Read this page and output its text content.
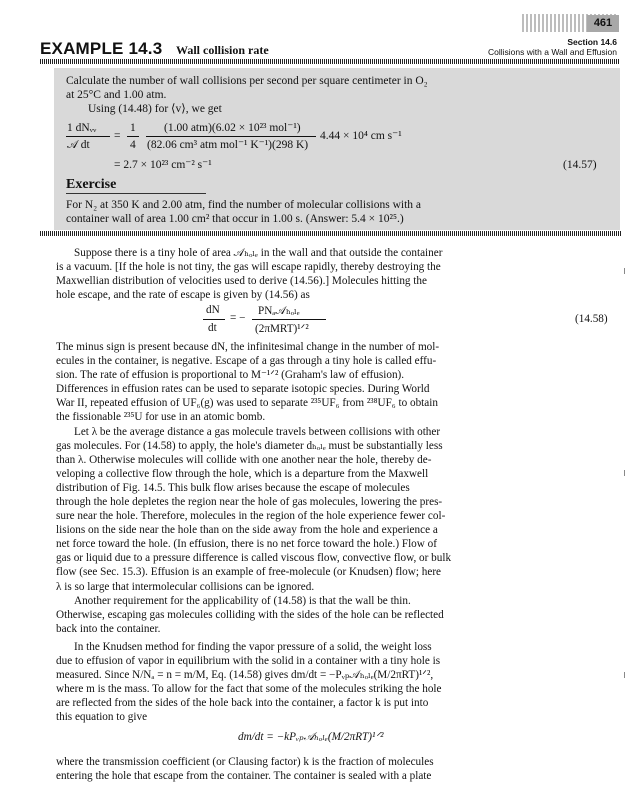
461
Section 14.6
Collisions with a Wall and Effusion
EXAMPLE 14.3 Wall collision rate
Calculate the number of wall collisions per second per square centimeter in O₂
at 25°C and 1.00 atm.
Using (14.48) for ⟨v⟩, we get
1 dNᵥᵥ
𝒜 dt
=
1
4
(1.00 atm)(6.02 × 10²³ mol⁻¹)
(82.06 cm³ atm mol⁻¹ K⁻¹)(298 K)
4.44 × 10⁴ cm s⁻¹
= 2.7 × 10²³ cm⁻² s⁻¹	(14.57)
Exercise
For N₂ at 350 K and 2.00 atm, find the number of molecular collisions with a
container wall of area 1.00 cm² that occur in 1.00 s. (Answer: 5.4 × 10²⁵.)
Suppose there is a tiny hole of area 𝒜ₕₒₗₑ in the wall and that outside the container
is a vacuum. [If the hole is not tiny, the gas will escape rapidly, thereby destroying the
Maxwellian distribution of velocities used to derive (14.56).] Molecules hitting the
hole escape, and the rate of escape is given by (14.56) as
dN
dt
= −
PNₐ𝒜ₕₒₗₑ
(2πMRT)¹ᐟ²
(14.58)
The minus sign is present because dN, the infinitesimal change in the number of mol-
ecules in the container, is negative. Escape of a gas through a tiny hole is called effu-
sion. The rate of effusion is proportional to M⁻¹ᐟ² (Graham's law of effusion).
Differences in effusion rates can be used to separate isotopic species. During World
War II, repeated effusion of UF₆(g) was used to separate ²³⁵UF₆ from ²³⁸UF₆ to obtain
the fissionable ²³⁵U for use in an atomic bomb.
Let λ be the average distance a gas molecule travels between collisions with other
gas molecules. For (14.58) to apply, the hole's diameter dₕₒₗₑ must be substantially less
than λ. Otherwise molecules will collide with one another near the hole, thereby de-
veloping a collective flow through the hole, which is a departure from the Maxwell
distribution of Fig. 14.5. This bulk flow arises because the escape of molecules
through the hole depletes the region near the hole of gas molecules, lowering the pres-
sure near the hole. Therefore, molecules in the region of the hole experience fewer col-
lisions on the side near the hole than on the side away from the hole and experience a
net force toward the hole. (In effusion, there is no net force toward the hole.) Flow of
gas or liquid due to a pressure difference is called viscous flow, convective flow, or bulk
flow (see Sec. 15.3). Effusion is an example of free-molecule (or Knudsen) flow; here
λ is so large that intermolecular collisions can be ignored.
Another requirement for the applicability of (14.58) is that the wall be thin.
Otherwise, escaping gas molecules colliding with the sides of the hole can be reflected
back into the container.
In the Knudsen method for finding the vapor pressure of a solid, the weight loss
due to effusion of vapor in equilibrium with the solid in a container with a tiny hole is
measured. Since N/Nₐ = n = m/M, Eq. (14.58) gives dm/dt = −Pᵥₚ𝒜ₕₒₗₑ(M/2πRT)¹ᐟ²,
where m is the mass. To allow for the fact that some of the molecules striking the hole
are reflected from the sides of the hole back into the container, a factor k is put into
this equation to give
dm/dt = −kPᵥₚ𝒜ₕₒₗₑ(M/2πRT)¹ᐟ²
where the transmission coefficient (or Clausing factor) k is the fraction of molecules
entering the hole that escape from the container. The container is sealed with a plate
